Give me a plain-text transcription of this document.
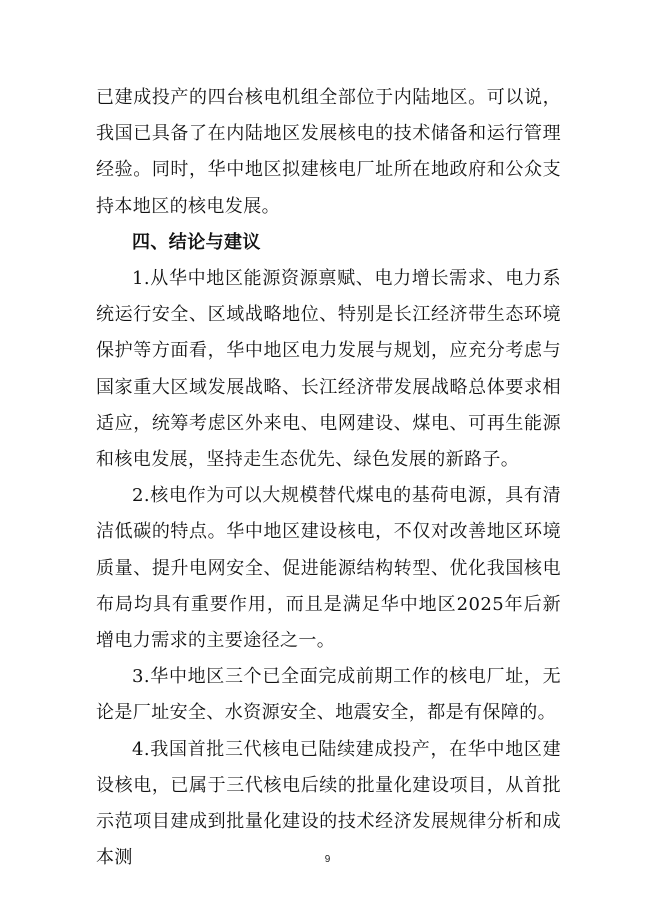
已建成投产的四台核电机组全部位于内陆地区。可以说，我国已具备了在内陆地区发展核电的技术储备和运行管理经验。同时，华中地区拟建核电厂址所在地政府和公众支持本地区的核电发展。

四、结论与建议

1.从华中地区能源资源禀赋、电力增长需求、电力系统运行安全、区域战略地位、特别是长江经济带生态环境保护等方面看，华中地区电力发展与规划，应充分考虑与国家重大区域发展战略、长江经济带发展战略总体要求相适应，统筹考虑区外来电、电网建设、煤电、可再生能源和核电发展，坚持走生态优先、绿色发展的新路子。

2.核电作为可以大规模替代煤电的基荷电源，具有清洁低碳的特点。华中地区建设核电，不仅对改善地区环境质量、提升电网安全、促进能源结构转型、优化我国核电布局均具有重要作用，而且是满足华中地区2025年后新增电力需求的主要途径之一。

3.华中地区三个已全面完成前期工作的核电厂址，无论是厂址安全、水资源安全、地震安全，都是有保障的。

4.我国首批三代核电已陆续建成投产，在华中地区建设核电，已属于三代核电后续的批量化建设项目，从首批示范项目建成到批量化建设的技术经济发展规律分析和成本测	9
